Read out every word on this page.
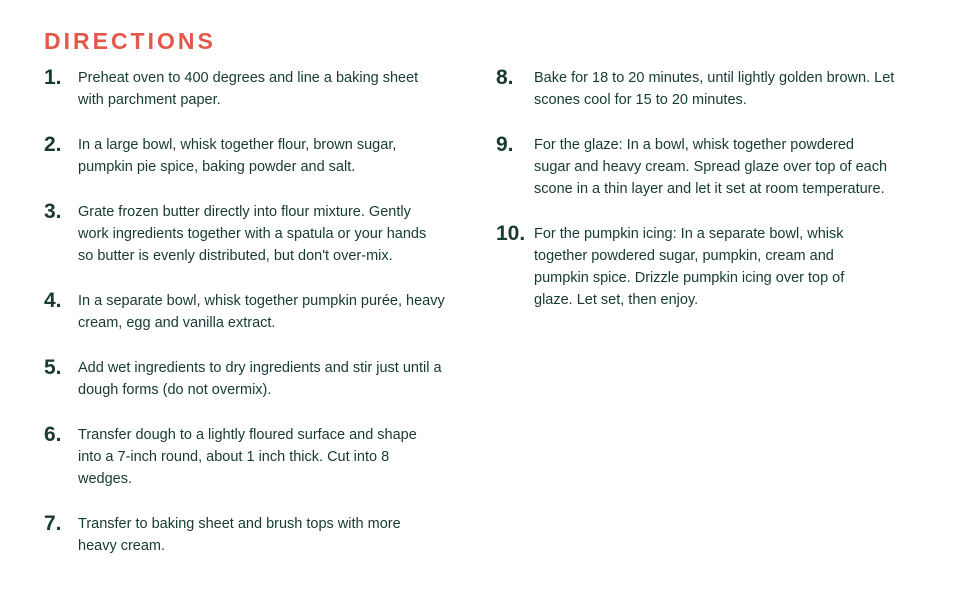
DIRECTIONS
1.	Preheat oven to 400 degrees and line a baking sheet with parchment paper.
2.	In a large bowl, whisk together flour, brown sugar, pumpkin pie spice, baking powder and salt.
3.	Grate frozen butter directly into flour mixture. Gently work ingredients together with a spatula or your hands so butter is evenly distributed, but don't over-mix.
4.	In a separate bowl, whisk together pumpkin purée, heavy cream, egg and vanilla extract.
5.	Add wet ingredients to dry ingredients and stir just until a dough forms (do not overmix).
6.	Transfer dough to a lightly floured surface and shape into a 7-inch round, about 1 inch thick. Cut into 8 wedges.
7.	Transfer to baking sheet and brush tops with more heavy cream.
8.	Bake for 18 to 20 minutes, until lightly golden brown. Let scones cool for 15 to 20 minutes.
9.	For the glaze: In a bowl, whisk together powdered sugar and heavy cream. Spread glaze over top of each scone in a thin layer and let it set at room temperature.
10. For the pumpkin icing: In a separate bowl, whisk together powdered sugar, pumpkin, cream and pumpkin spice. Drizzle pumpkin icing over top of glaze. Let set, then enjoy.
